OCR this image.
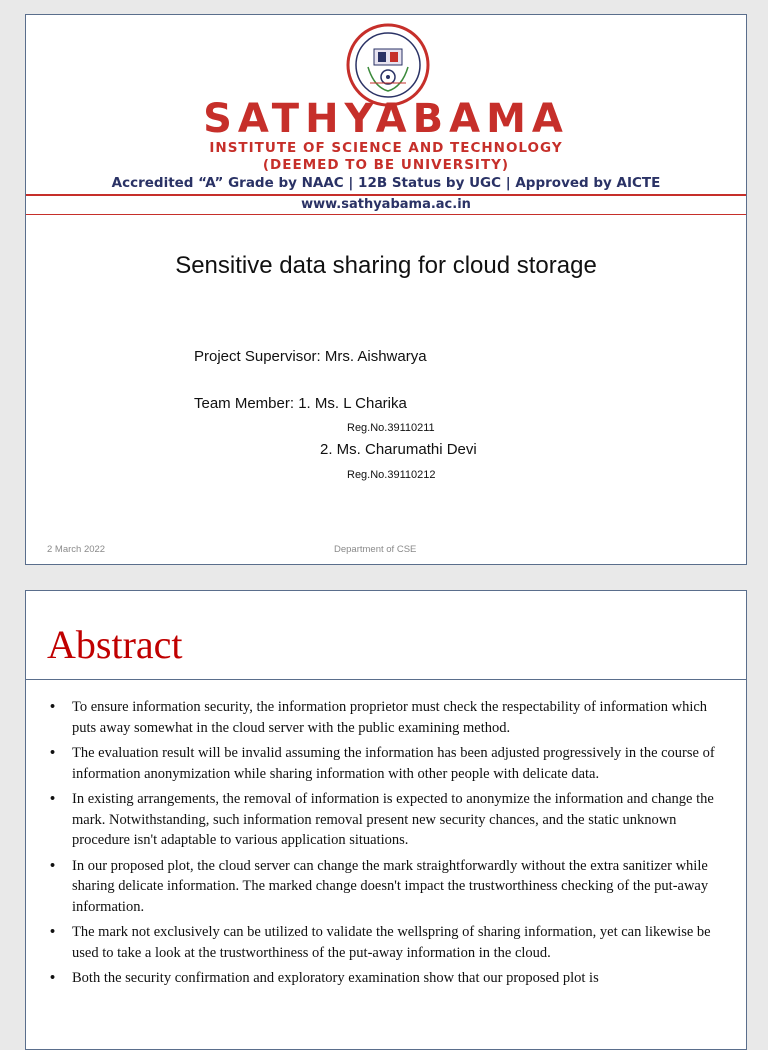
SATHYABAMA
INSTITUTE OF SCIENCE AND TECHNOLOGY
(DEEMED TO BE UNIVERSITY)
Accredited “A” Grade by NAAC | 12B Status by UGC | Approved by AICTE
www.sathyabama.ac.in
Sensitive data sharing for cloud storage
Project Supervisor: Mrs. Aishwarya
Team Member: 1. Ms. L Charika
Reg.No.39110211
2. Ms. Charumathi Devi
Reg.No.39110212
2 March 2022	Department of CSE
Abstract
• To ensure information security, the information proprietor must check the respectability of information which puts away somewhat in the cloud server with the public examining method.
• The evaluation result will be invalid assuming the information has been adjusted progressively in the course of information anonymization while sharing information with other people with delicate data.
• In existing arrangements, the removal of information is expected to anonymize the information and change the mark. Notwithstanding, such information removal present new security chances, and the static unknown procedure isn't adaptable to various application situations.
• In our proposed plot, the cloud server can change the mark straightforwardly without the extra sanitizer while sharing delicate information. The marked change doesn't impact the trustworthiness checking of the put-away information.
• The mark not exclusively can be utilized to validate the wellspring of sharing information, yet can likewise be used to take a look at the trustworthiness of the put-away information in the cloud.
• Both the security confirmation and exploratory examination show that our proposed plot is
